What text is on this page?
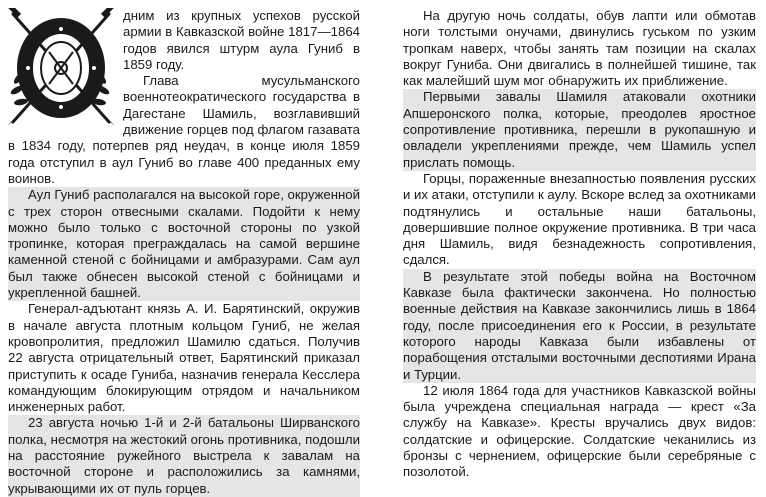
дним из крупных успехов русской армии в Кавказской войне 1817—1864 годов явился штурм аула Гуниб в 1859 году.

Глава мусульманского военнотеократического государства в Дагестане Шамиль, возглавивший движение горцев под флагом газавата в 1834 году, потерпев ряд неудач, в конце июля 1859 года отступил в аул Гуниб во главе 400 преданных ему воинов.

Аул Гуниб располагался на высокой горе, окруженной с трех сторон отвесными скалами. Подойти к нему можно было только с восточной стороны по узкой тропинке, которая преграждалась на самой вершине каменной стеной с бойницами и амбразурами. Сам аул был также обнесен высокой стеной с бойницами и укрепленной башней.

Генерал-адъютант князь А. И. Барятинский, окружив в начале августа плотным кольцом Гуниб, не желая кровопролития, предложил Шамилю сдаться. Получив 22 августа отрицательный ответ, Барятинский приказал приступить к осаде Гуниба, назначив генерала Кесслера командующим блокирующим отрядом и начальником инженерных работ.

23 августа ночью 1-й и 2-й батальоны Ширванского полка, несмотря на жестокий огонь противника, подошли на расстояние ружейного выстрела к завалам на восточной стороне и расположились за камнями, укрывающими их от пуль горцев.

На другую ночь солдаты, обув лапти или обмотав ноги толстыми онучами, двинулись гуськом по узким тропкам наверх, чтобы занять там позиции на скалах вокруг Гуниба. Они двигались в полнейшей тишине, так как малейший шум мог обнаружить их приближение.

Первыми завалы Шамиля атаковали охотники Апшеронского полка, которые, преодолев яростное сопротивление противника, перешли в рукопашную и овладели укреплениями прежде, чем Шамиль успел прислать помощь.

Горцы, пораженные внезапностью появления русских и их атаки, отступили к аулу. Вскоре вслед за охотниками подтянулись и остальные наши батальоны, довершившие полное окружение противника. В три часа дня Шамиль, видя безнадежность сопротивления, сдался.

В результате этой победы война на Восточном Кавказе была фактически закончена. Но полностью военные действия на Кавказе закончились лишь в 1864 году, после присоединения его к России, в результате которого народы Кавказа были избавлены от порабощения отсталыми восточными деспотиями Ирана и Турции.

12 июля 1864 года для участников Кавказской войны была учреждена специальная награда — крест «За службу на Кавказе». Кресты вручались двух видов: солдатские и офицерские. Солдатские чеканились из бронзы с чернением, офицерские были серебряные с позолотой.
